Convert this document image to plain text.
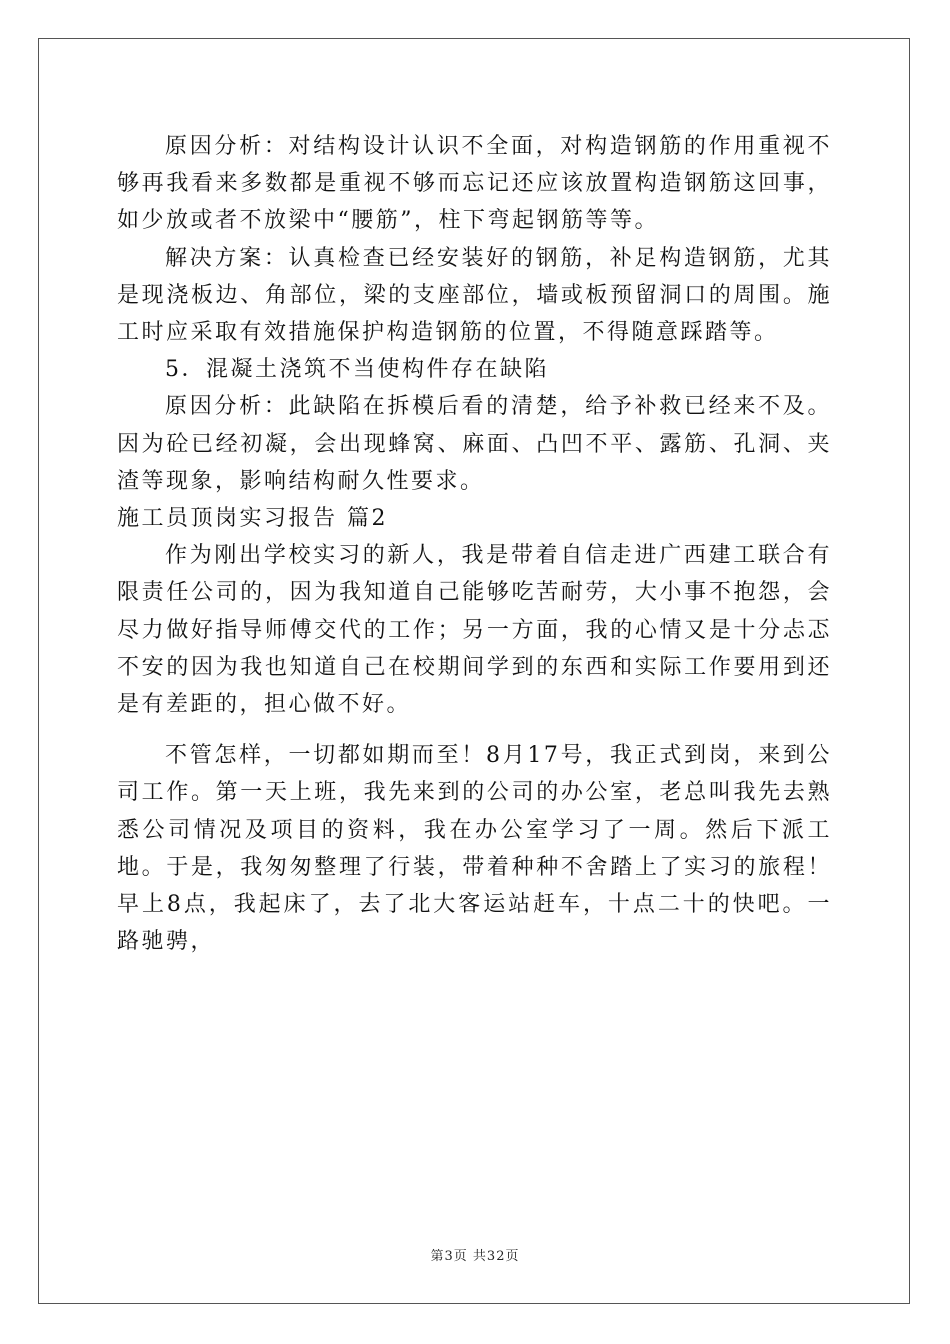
原因分析：对结构设计认识不全面，对构造钢筋的作用重视不够再我看来多数都是重视不够而忘记还应该放置构造钢筋这回事，如少放或者不放梁中“腰筋”，柱下弯起钢筋等等。

解决方案：认真检查已经安装好的钢筋，补足构造钢筋，尤其是现浇板边、角部位，梁的支座部位，墙或板预留洞口的周围。施工时应采取有效措施保护构造钢筋的位置，不得随意踩踏等。

5．混凝土浇筑不当使构件存在缺陷

原因分析：此缺陷在拆模后看的清楚，给予补救已经来不及。因为砼已经初凝，会出现蜂窝、麻面、凸凹不平、露筋、孔洞、夹渣等现象，影响结构耐久性要求。

施工员顶岗实习报告 篇2

作为刚出学校实习的新人，我是带着自信走进广西建工联合有限责任公司的，因为我知道自己能够吃苦耐劳，大小事不抱怨，会尽力做好指导师傅交代的工作；另一方面，我的心情又是十分忐忑不安的因为我也知道自己在校期间学到的东西和实际工作要用到还是有差距的，担心做不好。

不管怎样，一切都如期而至！8月17号，我正式到岗，来到公司工作。第一天上班，我先来到的公司的办公室，老总叫我先去熟悉公司情况及项目的资料，我在办公室学习了一周。然后下派工地。于是，我匆匆整理了行装，带着种种不舍踏上了实习的旅程！ 早上8点，我起床了，去了北大客运站赶车，十点二十的快吧。一路驰骋，

第3页 共32页
